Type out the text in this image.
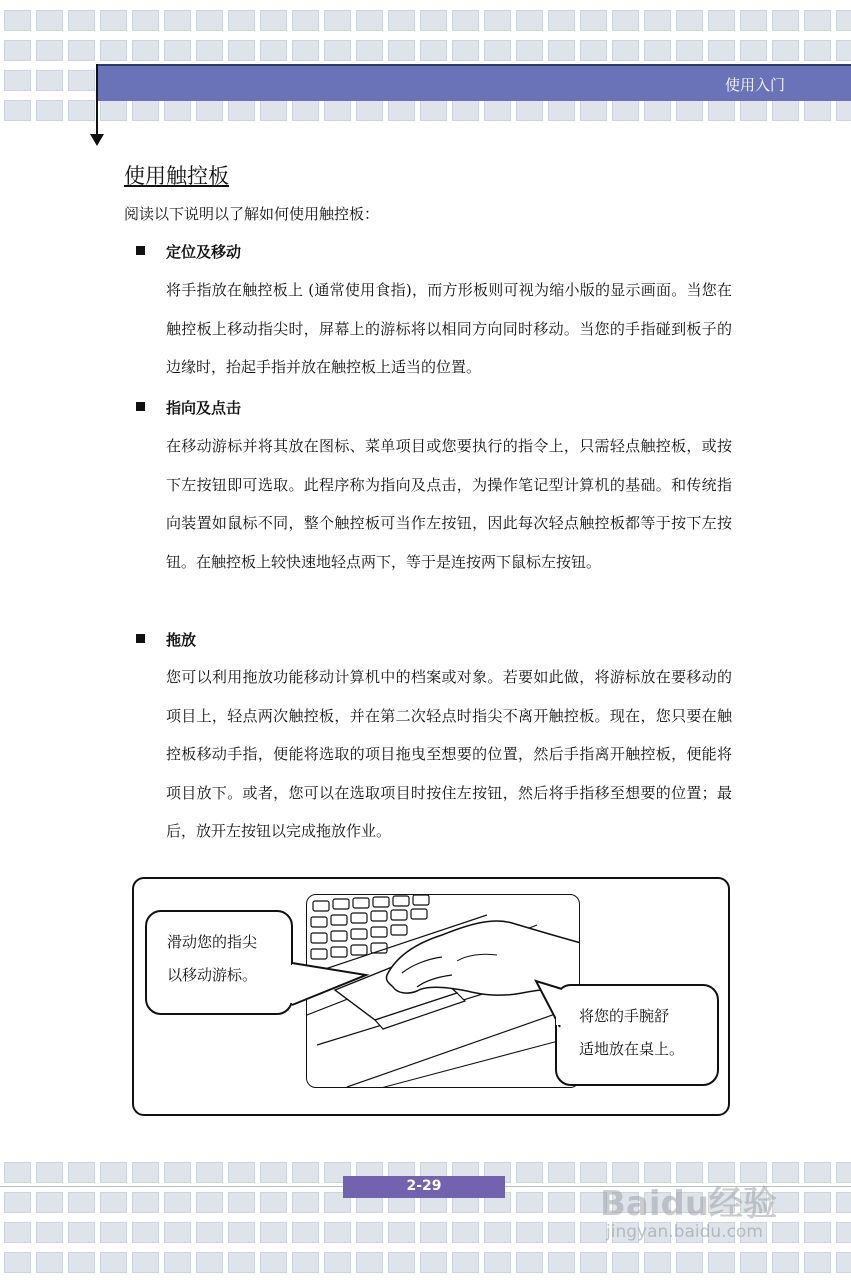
使用入门
使用触控板
阅读以下说明以了解如何使用触控板：
定位及移动
将手指放在触控板上 (通常使用食指)，而方形板则可视为缩小版的显示画面。当您在触控板上移动指尖时，屏幕上的游标将以相同方向同时移动。当您的手指碰到板子的边缘时，抬起手指并放在触控板上适当的位置。
指向及点击
在移动游标并将其放在图标、菜单项目或您要执行的指令上，只需轻点触控板，或按下左按钮即可选取。此程序称为指向及点击，为操作笔记型计算机的基础。和传统指向装置如鼠标不同，整个触控板可当作左按钮，因此每次轻点触控板都等于按下左按钮。在触控板上较快速地轻点两下，等于是连按两下鼠标左按钮。
拖放
您可以利用拖放功能移动计算机中的档案或对象。若要如此做，将游标放在要移动的项目上，轻点两次触控板，并在第二次轻点时指尖不离开触控板。现在，您只要在触控板移动手指，便能将选取的项目拖曳至想要的位置，然后手指离开触控板，便能将项目放下。或者，您可以在选取项目时按住左按钮，然后将手指移至想要的位置；最后，放开左按钮以完成拖放作业。
滑动您的指尖
以移动游标。
将您的手腕舒
适地放在桌上。
2-29	Baidu经验
jingyan.baidu.com
